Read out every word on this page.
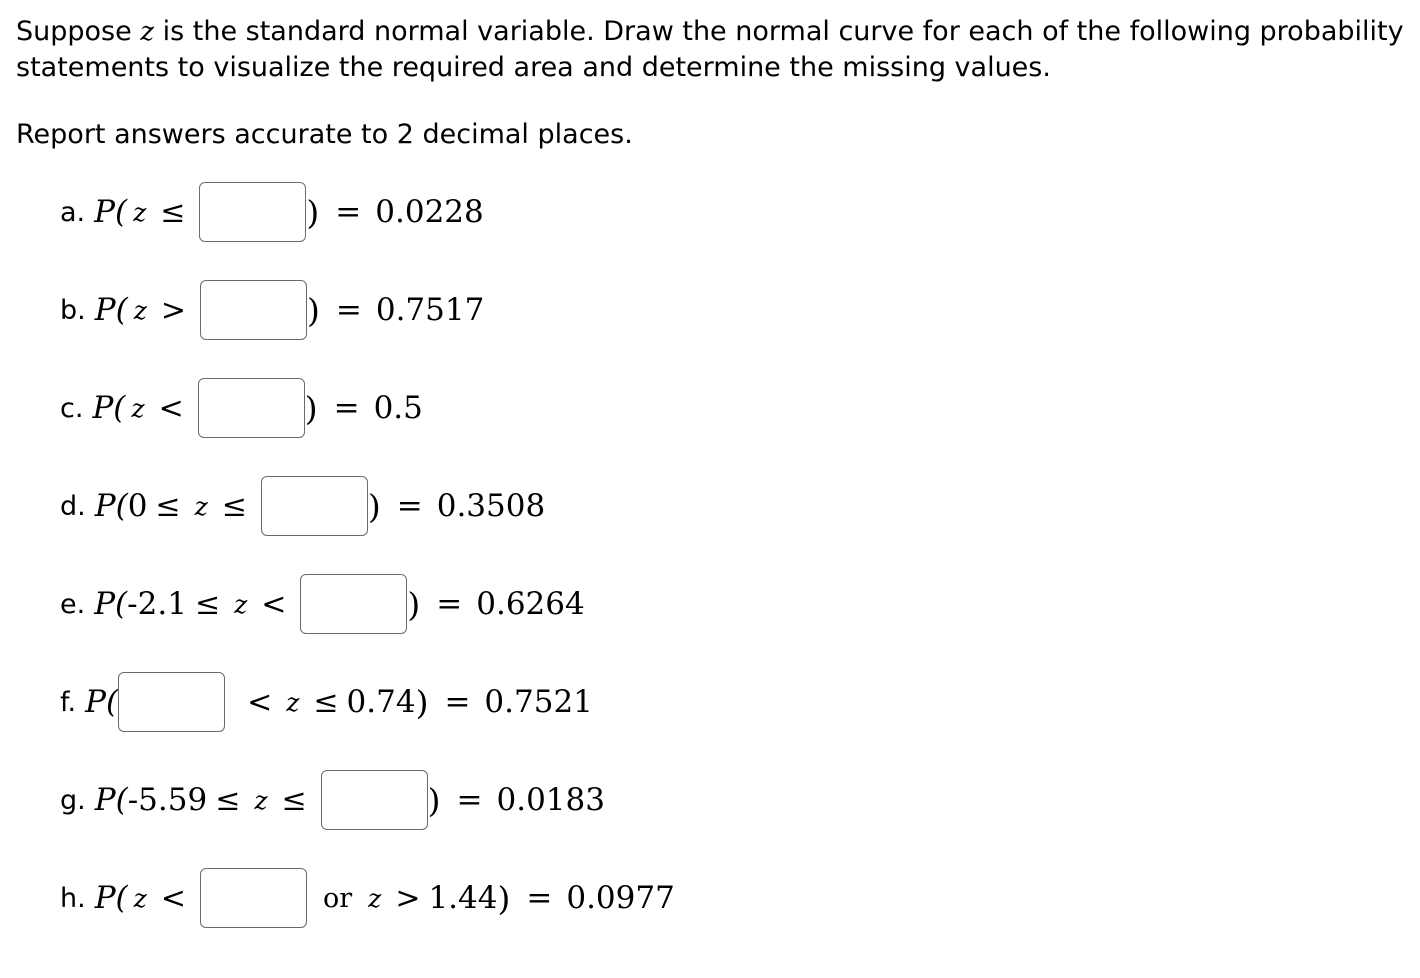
Suppose z is the standard normal variable. Draw the normal curve for each of the following probability statements to visualize the required area and determine the missing values.

Report answers accurate to 2 decimal places.

a. P( z ≤	) = 0.0228
b. P( z >	) = 0.7517
c. P( z <	) = 0.5
d. P( 0 ≤ z ≤	) = 0.3508
e. P( -2.1 ≤ z <	) = 0.6264
f. P(	< z ≤ 0.74 ) = 0.7521
g. P( -5.59 ≤ z ≤	) = 0.0183
h. P( z <	or z > 1.44 ) = 0.0977
